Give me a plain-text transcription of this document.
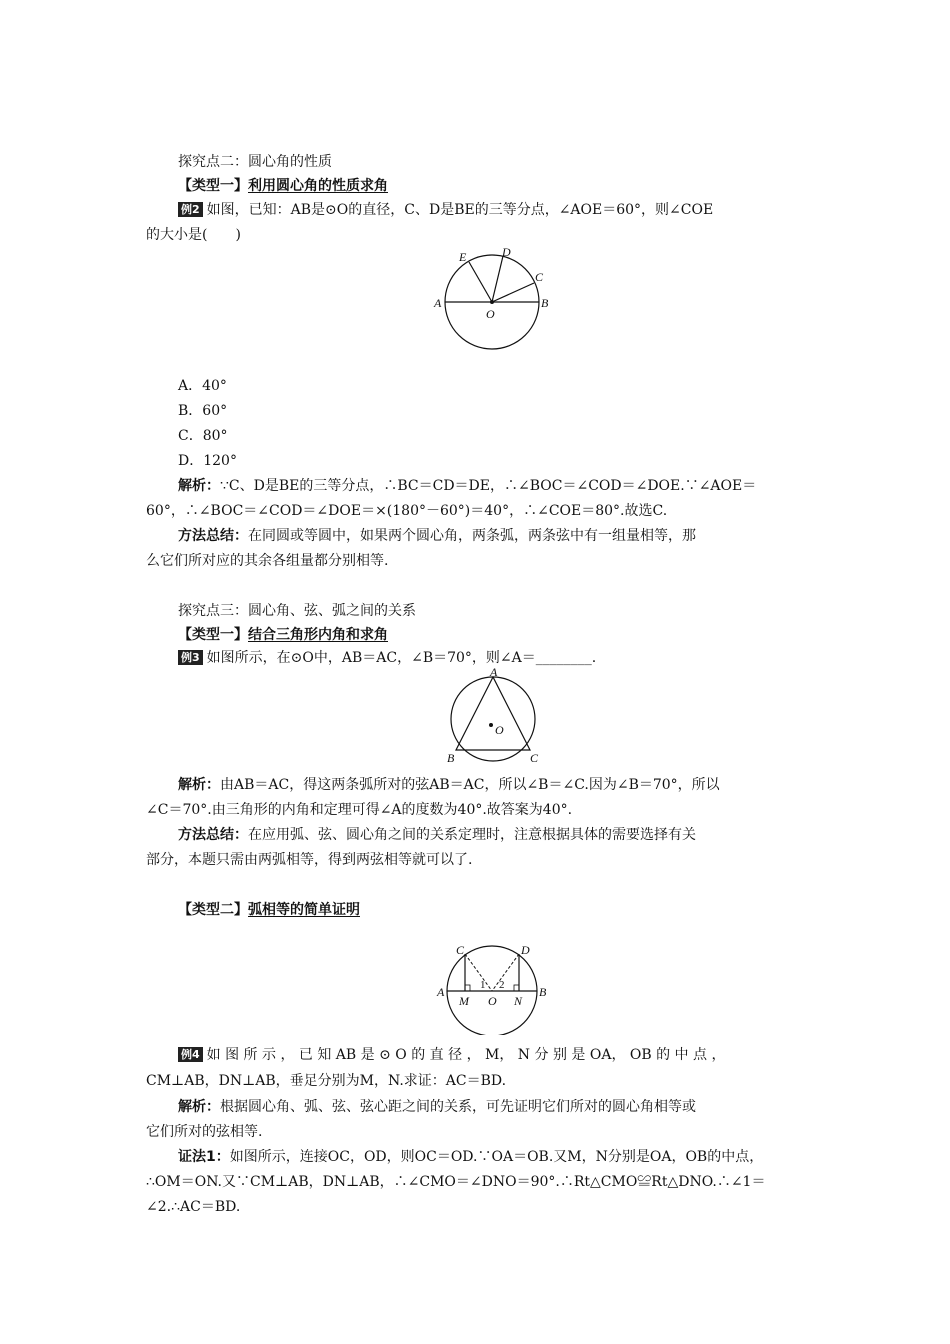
探究点二：圆心角的性质
【类型一】利用圆心角的性质求角
例2 如图，已知：AB是⊙O的直径，C、D是BE的三等分点，∠AOE＝60°，则∠COE
的大小是(　　)
A	B
C
D
E
O
A．40°
B．60°
C．80°
D．120°
解析：∵C、D是BE的三等分点，∴BC＝CD＝DE，∴∠BOC＝∠COD＝∠DOE.∵∠AOE＝
60°，∴∠BOC＝∠COD＝∠DOE＝×(180°－60°)＝40°，∴∠COE＝80°.故选C.
方法总结：在同圆或等圆中，如果两个圆心角，两条弧，两条弦中有一组量相等，那
么它们所对应的其余各组量都分别相等.
探究点三：圆心角、弦、弧之间的关系
【类型一】结合三角形内角和求角
例3 如图所示，在⊙O中，AB＝AC，∠B＝70°，则∠A＝________.
A
B	C
O
解析：由AB＝AC，得这两条弧所对的弦AB＝AC，所以∠B＝∠C.因为∠B＝70°，所以
∠C＝70°.由三角形的内角和定理可得∠A的度数为40°.故答案为40°.
方法总结：在应用弧、弦、圆心角之间的关系定理时，注意根据具体的需要选择有关
部分，本题只需由两弧相等，得到两弦相等就可以了.
【类型二】弧相等的简单证明
C	D
A	B
M O N
1 2
例4 如 图 所 示 ， 已 知 AB 是 ⊙ O 的 直 径 ， M， N 分 别 是 OA， OB 的 中 点 ，
CM⊥AB，DN⊥AB，垂足分别为M，N.求证：AC＝BD.
解析：根据圆心角、弧、弦、弦心距之间的关系，可先证明它们所对的圆心角相等或
它们所对的弦相等.
证法1：如图所示，连接OC，OD，则OC＝OD.∵OA＝OB.又M，N分别是OA，OB的中点，
∴OM＝ON.又∵CM⊥AB，DN⊥AB，∴∠CMO＝∠DNO＝90°.∴Rt△CMO≌Rt△DNO.∴∠1＝
∠2.∴AC＝BD.
